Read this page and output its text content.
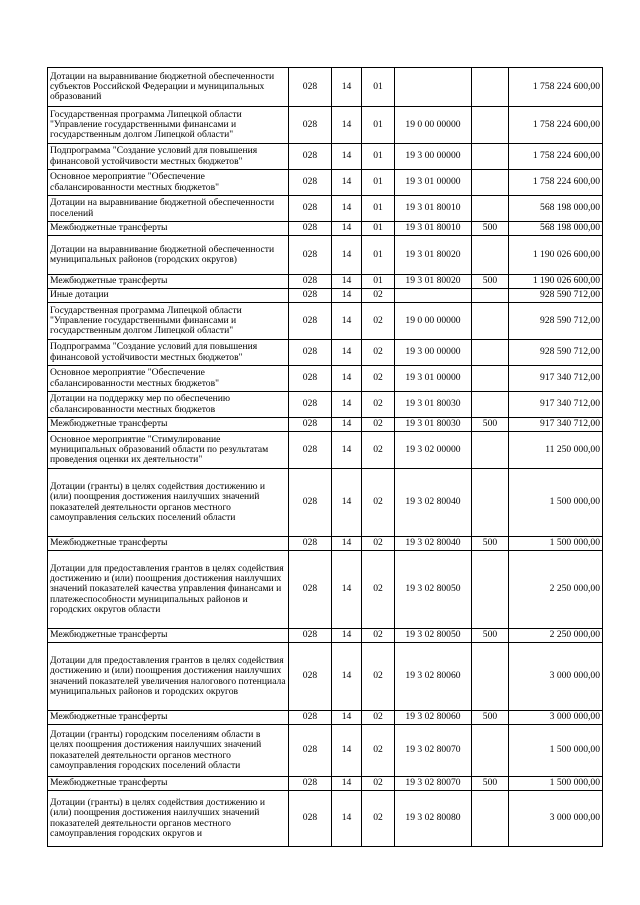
Дотации на выравнивание бюджетной обеспеченности субъектов Российской Федерации и муниципальных образований	028	14	01			1 758 224 600,00
Государственная программа Липецкой области "Управление государственными финансами и государственным долгом Липецкой области"	028	14	01	19 0 00 00000		1 758 224 600,00
Подпрограмма "Создание условий для повышения финансовой устойчивости местных бюджетов"	028	14	01	19 3 00 00000		1 758 224 600,00
Основное мероприятие "Обеспечение сбалансированности местных бюджетов"	028	14	01	19 3 01 00000		1 758 224 600,00
Дотации на выравнивание бюджетной обеспеченности поселений	028	14	01	19 3 01 80010		568 198 000,00
Межбюджетные трансферты	028	14	01	19 3 01 80010	500	568 198 000,00
Дотации на выравнивание бюджетной обеспеченности муниципальных районов (городских округов)	028	14	01	19 3 01 80020		1 190 026 600,00
Межбюджетные трансферты	028	14	01	19 3 01 80020	500	1 190 026 600,00
Иные дотации	028	14	02			928 590 712,00
Государственная программа Липецкой области "Управление государственными финансами и государственным долгом Липецкой области"	028	14	02	19 0 00 00000		928 590 712,00
Подпрограмма "Создание условий для повышения финансовой устойчивости местных бюджетов"	028	14	02	19 3 00 00000		928 590 712,00
Основное мероприятие "Обеспечение сбалансированности местных бюджетов"	028	14	02	19 3 01 00000		917 340 712,00
Дотации на поддержку мер по обеспечению сбалансированности местных бюджетов	028	14	02	19 3 01 80030		917 340 712,00
Межбюджетные трансферты	028	14	02	19 3 01 80030	500	917 340 712,00
Основное мероприятие "Стимулирование муниципальных образований области по результатам проведения оценки их деятельности"	028	14	02	19 3 02 00000		11 250 000,00
Дотации (гранты) в целях содействия достижению и (или) поощрения достижения наилучших значений показателей деятельности органов местного самоуправления сельских поселений области	028	14	02	19 3 02 80040		1 500 000,00
Межбюджетные трансферты	028	14	02	19 3 02 80040	500	1 500 000,00
Дотации для предоставления грантов в целях содействия достижению и (или) поощрения достижения наилучших значений показателей качества управления финансами и платежеспособности муниципальных районов и городских округов области	028	14	02	19 3 02 80050		2 250 000,00
Межбюджетные трансферты	028	14	02	19 3 02 80050	500	2 250 000,00
Дотации для предоставления грантов в целях содействия достижению и (или) поощрения достижения наилучших значений показателей увеличения налогового потенциала муниципальных районов и городских округов	028	14	02	19 3 02 80060		3 000 000,00
Межбюджетные трансферты	028	14	02	19 3 02 80060	500	3 000 000,00
Дотации (гранты) городским поселениям области в целях поощрения достижения наилучших значений показателей деятельности органов местного самоуправления городских поселений области	028	14	02	19 3 02 80070		1 500 000,00
Межбюджетные трансферты	028	14	02	19 3 02 80070	500	1 500 000,00
Дотации (гранты) в целях содействия достижению и (или) поощрения достижения наилучших значений показателей деятельности органов местного самоуправления городских округов и	028	14	02	19 3 02 80080		3 000 000,00
